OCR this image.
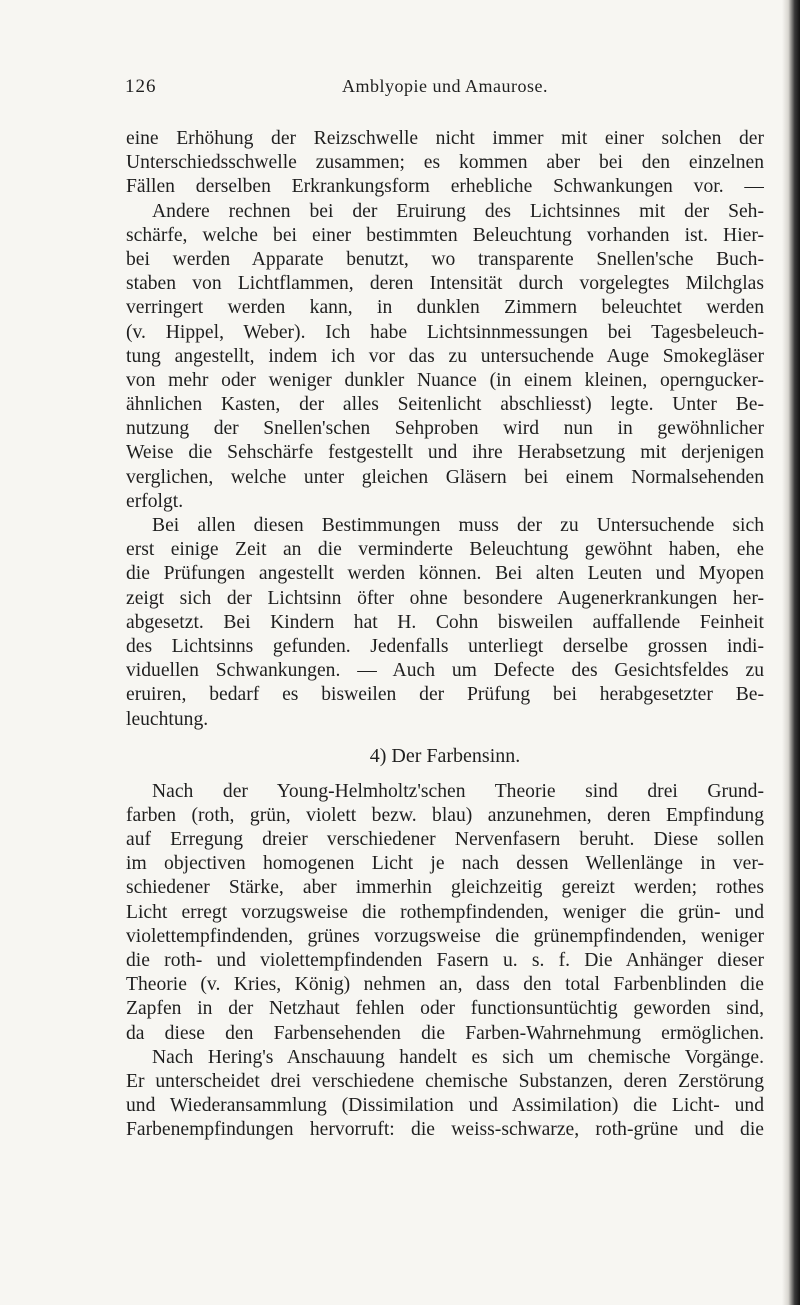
126	Amblyopie und Amaurose.
eine Erhöhung der Reizschwelle nicht immer mit einer solchen der
Unterschiedsschwelle zusammen; es kommen aber bei den einzelnen
Fällen derselben Erkrankungsform erhebliche Schwankungen vor. —
Andere rechnen bei der Eruirung des Lichtsinnes mit der Seh-
schärfe, welche bei einer bestimmten Beleuchtung vorhanden ist. Hier-
bei werden Apparate benutzt, wo transparente Snellen'sche Buch-
staben von Lichtflammen, deren Intensität durch vorgelegtes Milchglas
verringert werden kann, in dunklen Zimmern beleuchtet werden
(v. Hippel, Weber). Ich habe Lichtsinnmessungen bei Tagesbeleuch-
tung angestellt, indem ich vor das zu untersuchende Auge Smokegläser
von mehr oder weniger dunkler Nuance (in einem kleinen, operngucker-
ähnlichen Kasten, der alles Seitenlicht abschliesst) legte. Unter Be-
nutzung der Snellen'schen Sehproben wird nun in gewöhnlicher
Weise die Sehschärfe festgestellt und ihre Herabsetzung mit derjenigen
verglichen, welche unter gleichen Gläsern bei einem Normalsehenden
erfolgt.
Bei allen diesen Bestimmungen muss der zu Untersuchende sich
erst einige Zeit an die verminderte Beleuchtung gewöhnt haben, ehe
die Prüfungen angestellt werden können. Bei alten Leuten und Myopen
zeigt sich der Lichtsinn öfter ohne besondere Augenerkrankungen her-
abgesetzt. Bei Kindern hat H. Cohn bisweilen auffallende Feinheit
des Lichtsinns gefunden. Jedenfalls unterliegt derselbe grossen indi-
viduellen Schwankungen. — Auch um Defecte des Gesichtsfeldes zu
eruiren, bedarf es bisweilen der Prüfung bei herabgesetzter Be-
leuchtung.
4) Der Farbensinn.
Nach der Young-Helmholtz'schen Theorie sind drei Grund-
farben (roth, grün, violett bezw. blau) anzunehmen, deren Empfindung
auf Erregung dreier verschiedener Nervenfasern beruht. Diese sollen
im objectiven homogenen Licht je nach dessen Wellenlänge in ver-
schiedener Stärke, aber immerhin gleichzeitig gereizt werden; rothes
Licht erregt vorzugsweise die rothempfindenden, weniger die grün- und
violettempfindenden, grünes vorzugsweise die grünempfindenden, weniger
die roth- und violettempfindenden Fasern u. s. f. Die Anhänger dieser
Theorie (v. Kries, König) nehmen an, dass den total Farbenblinden die
Zapfen in der Netzhaut fehlen oder functionsuntüchtig geworden sind,
da diese den Farbensehenden die Farben-Wahrnehmung ermöglichen.
Nach Hering's Anschauung handelt es sich um chemische Vorgänge.
Er unterscheidet drei verschiedene chemische Substanzen, deren Zerstörung
und Wiederansammlung (Dissimilation und Assimilation) die Licht- und
Farbenempfindungen hervorruft: die weiss-schwarze, roth-grüne und die
